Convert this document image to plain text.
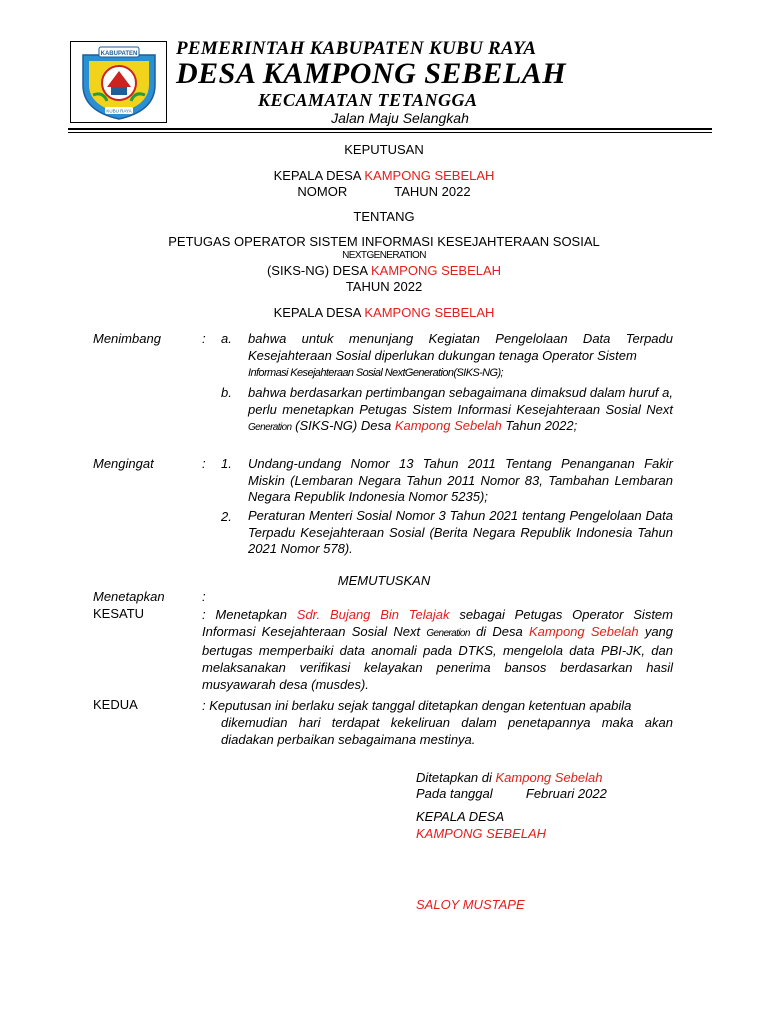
KABUPATEN
KUBU RAYA
PEMERINTAH KABUPATEN KUBU RAYA
DESA KAMPONG SEBELAH
KECAMATAN TETANGGA
Jalan Maju Selangkah
KEPUTUSAN
KEPALA DESA KAMPONG SEBELAH
NOMOR	TAHUN 2022
TENTANG
PETUGAS OPERATOR SISTEM INFORMASI KESEJAHTERAAN SOSIAL
NEXTGENERATION
(SIKS-NG) DESA KAMPONG SEBELAH
TAHUN 2022
KEPALA DESA KAMPONG SEBELAH
Menimbang	: a. bahwa untuk menunjang Kegiatan Pengelolaan Data Terpadu Kesejahteraan Sosial diperlukan dukungan tenaga Operator Sistem
Informasi Kesejahteraan Sosial NextGeneration(SIKS-NG);
b. bahwa berdasarkan pertimbangan sebagaimana dimaksud dalam huruf a, perlu menetapkan Petugas Sistem Informasi Kesejahteraan Sosial Next Generation (SIKS-NG) Desa Kampong Sebelah Tahun 2022;
Mengingat	: 1. Undang-undang Nomor 13 Tahun 2011 Tentang Penanganan Fakir Miskin (Lembaran Negara Tahun 2011 Nomor 83, Tambahan Lembaran Negara Republik Indonesia Nomor 5235);
2. Peraturan Menteri Sosial Nomor 3 Tahun 2021 tentang Pengelolaan Data Terpadu Kesejahteraan Sosial (Berita Negara Republik Indonesia Tahun 2021 Nomor 578).
MEMUTUSKAN
Menetapkan	:
KESATU	: Menetapkan Sdr. Bujang Bin Telajak sebagai Petugas Operator Sistem Informasi Kesejahteraan Sosial Next Generation di Desa Kampong Sebelah yang bertugas memperbaiki data anomali pada DTKS, mengelola data PBI-JK, dan melaksanakan verifikasi kelayakan penerima bansos berdasarkan hasil musyawarah desa (musdes).
KEDUA	: Keputusan ini berlaku sejak tanggal ditetapkan dengan ketentuan apabila

dikemudian hari terdapat kekeliruan dalam penetapannya maka akan diadakan perbaikan sebagaimana mestinya.
Ditetapkan di Kampong Sebelah
Pada tanggal	Februari 2022
KEPALA DESA
KAMPONG SEBELAH
SALOY MUSTAPE
